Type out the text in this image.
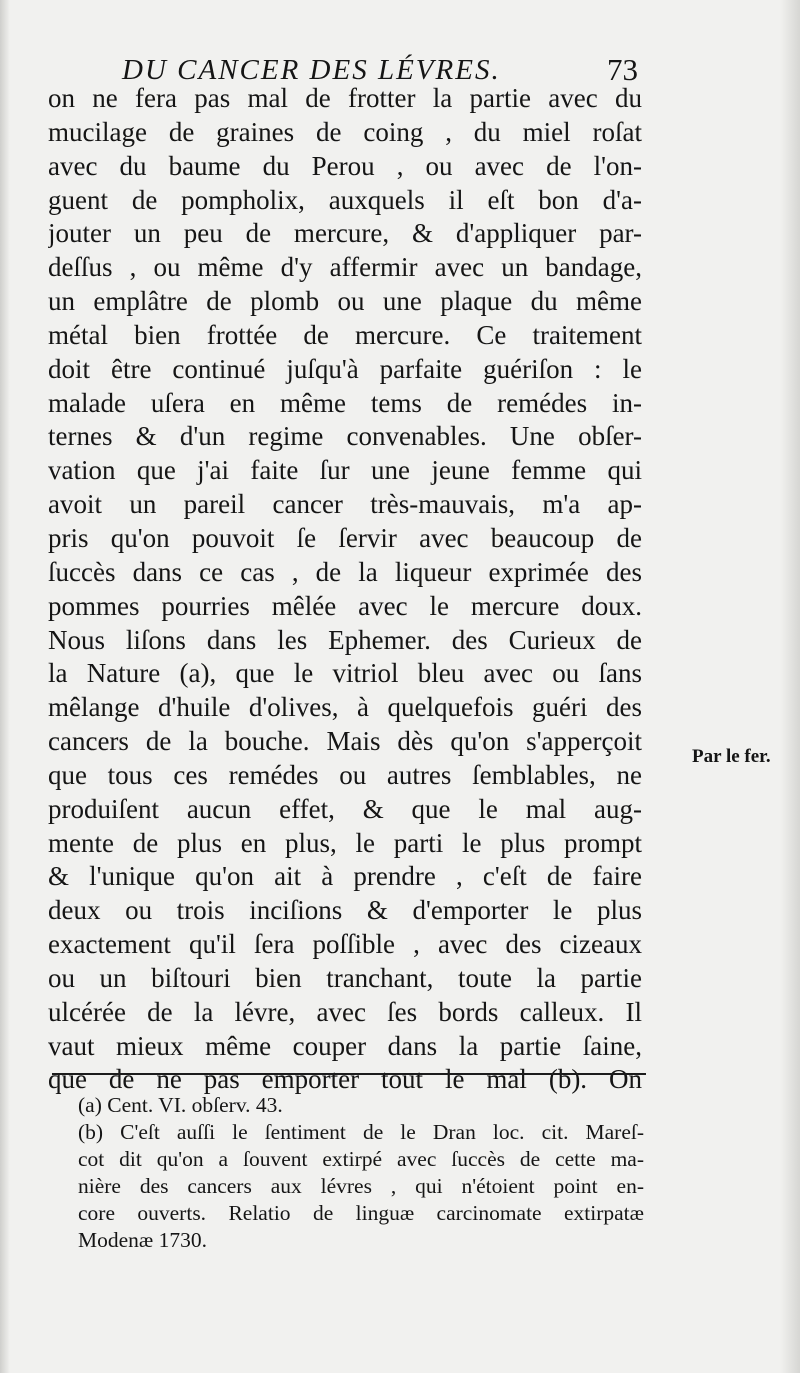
DU CANCER DES LÉVRES.	73
on ne fera pas mal de frotter la partie avec du
mucilage de graines de coing , du miel roſat
avec du baume du Perou , ou avec de l'on-
guent de pompholix, auxquels il eſt bon d'a-
jouter un peu de mercure, & d'appliquer par-
deſſus , ou même d'y affermir avec un bandage,
un emplâtre de plomb ou une plaque du même
métal bien frottée de mercure. Ce traitement
doit être continué juſqu'à parfaite guériſon : le
malade uſera en même tems de remédes in-
ternes & d'un regime convenables. Une obſer-
vation que j'ai faite ſur une jeune femme qui
avoit un pareil cancer très-mauvais, m'a ap-
pris qu'on pouvoit ſe ſervir avec beaucoup de
ſuccès dans ce cas , de la liqueur exprimée des
pommes pourries mêlée avec le mercure doux.
Nous liſons dans les Ephemer. des Curieux de
la Nature (a), que le vitriol bleu avec ou ſans
mêlange d'huile d'olives, à quelquefois guéri des
cancers de la bouche. Mais dès qu'on s'apperçoit
que tous ces remédes ou autres ſemblables, ne
produiſent aucun effet, & que le mal aug-
mente de plus en plus, le parti le plus prompt
& l'unique qu'on ait à prendre , c'eſt de faire
deux ou trois inciſions & d'emporter le plus
exactement qu'il ſera poſſible , avec des cizeaux
ou un biſtouri bien tranchant, toute la partie
ulcérée de la lévre, avec ſes bords calleux. Il
vaut mieux même couper dans la partie ſaine,
que de ne pas emporter tout le mal (b). On
Par le fer.
(a) Cent. VI. obſerv. 43.
(b) C'eſt auſſi le ſentiment de le Dran loc. cit. Mareſ-
cot dit qu'on a ſouvent extirpé avec ſuccès de cette ma-
nière des cancers aux lévres , qui n'étoient point en-
core ouverts. Relatio de linguæ carcinomate extirpatæ
Modenæ 1730.
